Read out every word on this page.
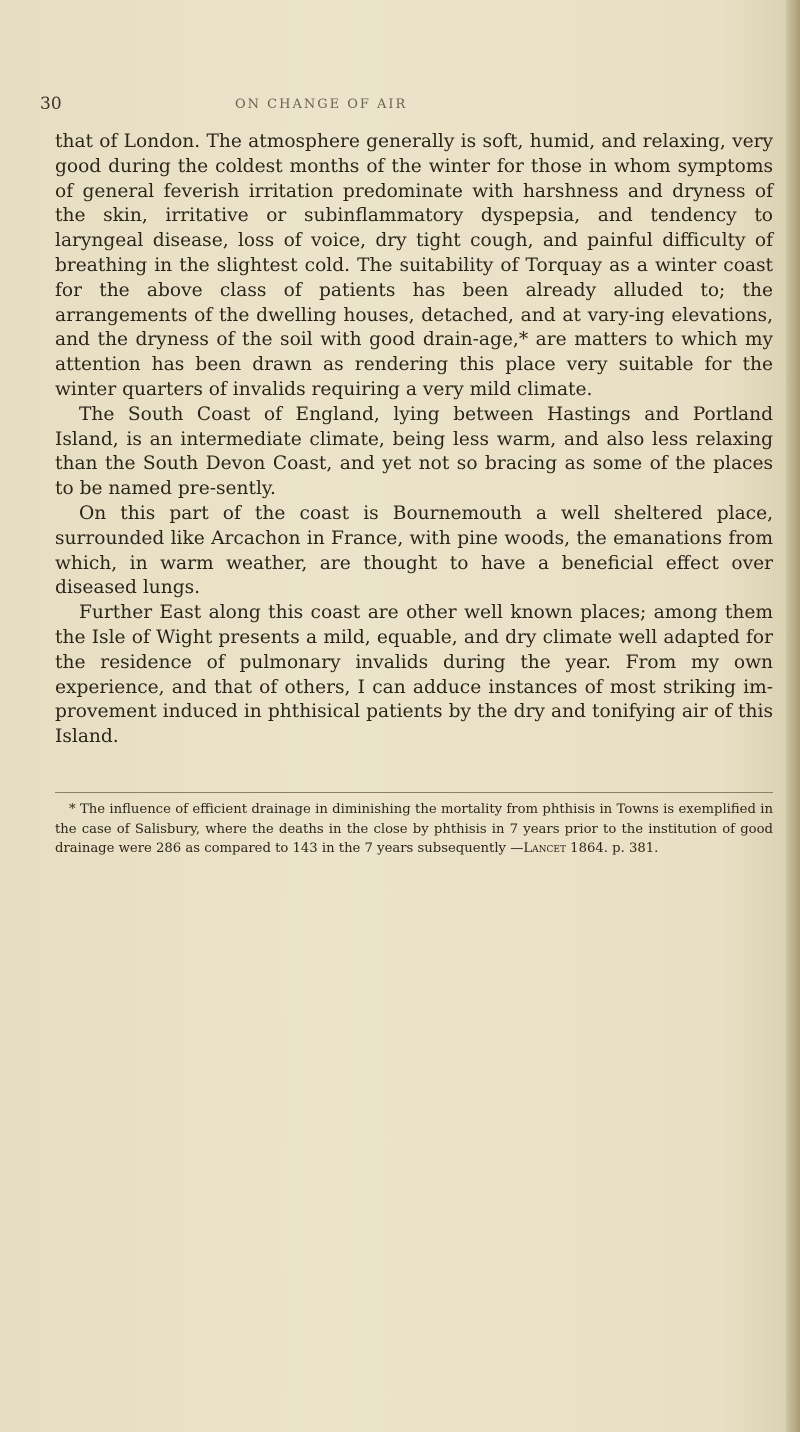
30	ON CHANGE OF AIR

that of London. The atmosphere generally is soft, humid, and relaxing, very good during the coldest months of the winter for those in whom symptoms of general feverish irritation predominate with harshness and dryness of the skin, irritative or subinflammatory dyspepsia, and tendency to laryngeal disease, loss of voice, dry tight cough, and painful difficulty of breathing in the slightest cold. The suitability of Torquay as a winter coast for the above class of patients has been already alluded to; the arrangements of the dwelling houses, detached, and at vary-ing elevations, and the dryness of the soil with good drain-age,* are matters to which my attention has been drawn as rendering this place very suitable for the winter quarters of invalids requiring a very mild climate.

The South Coast of England, lying between Hastings and Portland Island, is an intermediate climate, being less warm, and also less relaxing than the South Devon Coast, and yet not so bracing as some of the places to be named pre-sently.

On this part of the coast is Bournemouth a well sheltered place, surrounded like Arcachon in France, with pine woods, the emanations from which, in warm weather, are thought to have a beneficial effect over diseased lungs.

Further East along this coast are other well known places; among them the Isle of Wight presents a mild, equable, and dry climate well adapted for the residence of pulmonary invalids during the year. From my own experience, and that of others, I can adduce instances of most striking im-provement induced in phthisical patients by the dry and tonifying air of this Island.

* The influence of efficient drainage in diminishing the mortality from phthisis in Towns is exemplified in the case of Salisbury, where the deaths in the close by phthisis in 7 years prior to the institution of good drainage were 286 as compared to 143 in the 7 years subsequently —Lancet 1864. p. 381.
